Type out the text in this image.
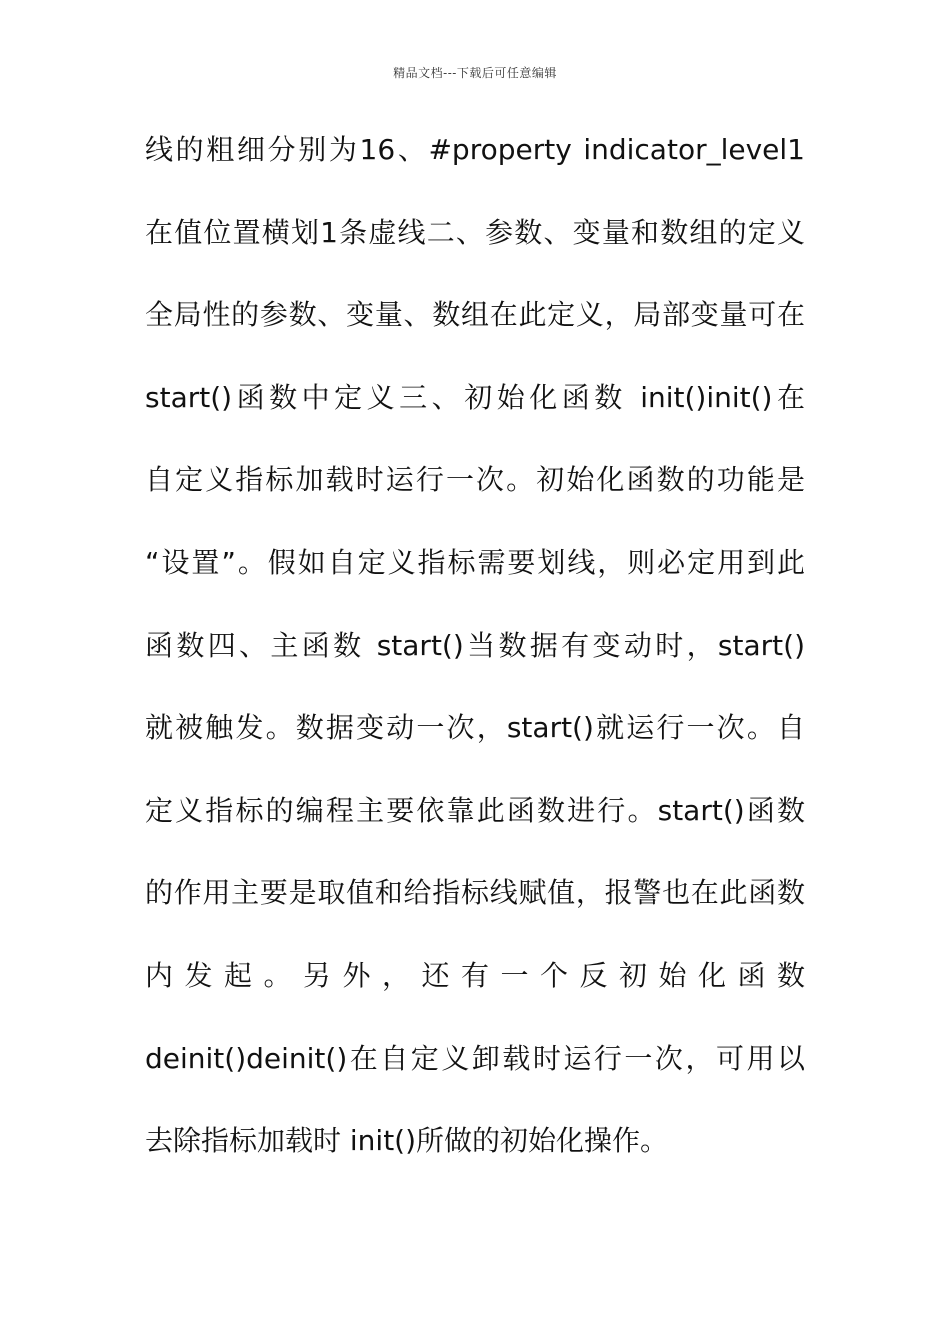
精品文档---下载后可任意编辑
线的粗细分别为16、#property indicator_level1
在值位置横划1条虚线二、参数、变量和数组的定义
全局性的参数、变量、数组在此定义，局部变量可在
start()函数中定义三、初始化函数 init()init()在
自定义指标加载时运行一次。初始化函数的功能是
“设置”。假如自定义指标需要划线，则必定用到此
函数四、主函数 start()当数据有变动时，start()
就被触发。数据变动一次，start()就运行一次。自
定义指标的编程主要依靠此函数进行。start()函数
的作用主要是取值和给指标线赋值，报警也在此函数
内发起。另外，还有一个反初始化函数
deinit()deinit()在自定义卸载时运行一次，可用以
去除指标加载时 init()所做的初始化操作。
